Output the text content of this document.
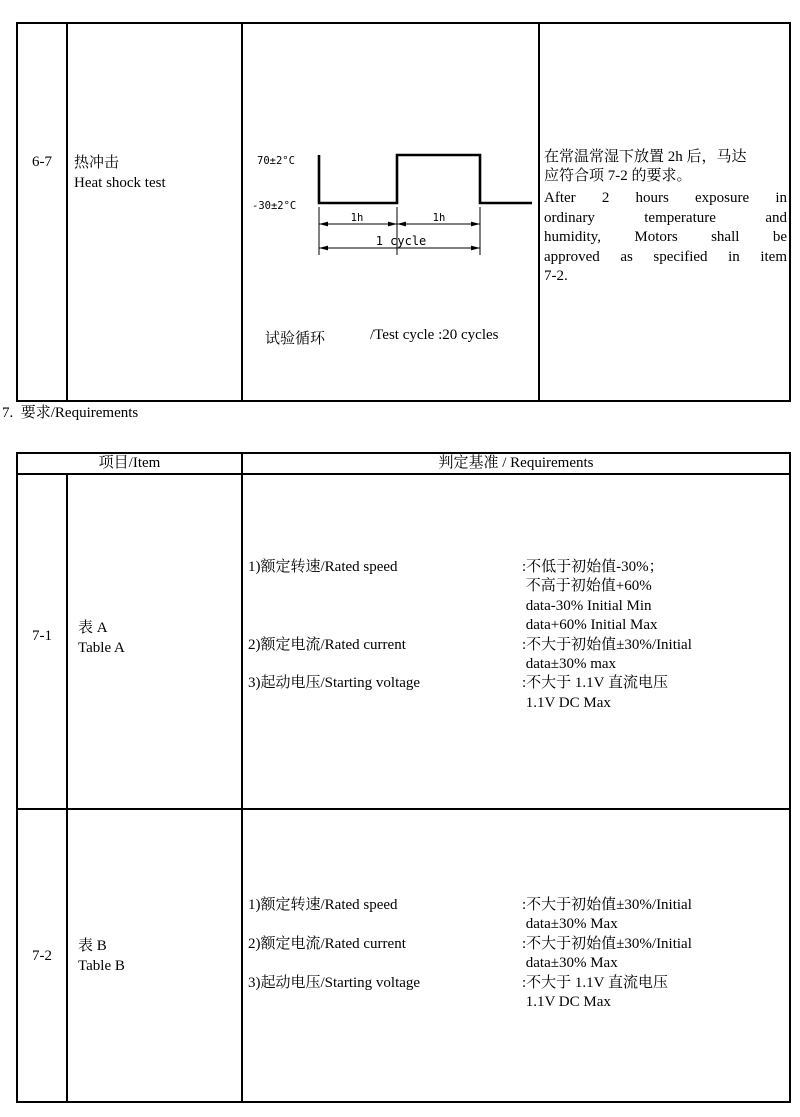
6-7	热冲击
Heat shock test
70±2°C
-30±2°C
1h	1h
1 cycle
试验循环	/Test cycle :20 cycles
在常温常湿下放置 2h 后，马达
应符合项 7-2 的要求。
After 2 hours exposure in
ordinary temperature and
humidity, Motors shall be
approved as specified in item
7-2.
7.  要求/Requirements
项目/Item	判定基准 / Requirements
7-1	表 A
Table A
1)额定转速/Rated speed	:不低于初始值-30%；
不高于初始值+60%
data-30% Initial Min
data+60% Initial Max
2)额定电流/Rated current	:不大于初始值±30%/Initial
data±30% max
3)起动电压/Starting voltage	:不大于 1.1V 直流电压
1.1V DC Max
7-2
表 B
Table B
1)额定转速/Rated speed	:不大于初始值±30%/Initial
data±30% Max
2)额定电流/Rated current	:不大于初始值±30%/Initial
data±30% Max
3)起动电压/Starting voltage	:不大于 1.1V 直流电压
1.1V DC Max
